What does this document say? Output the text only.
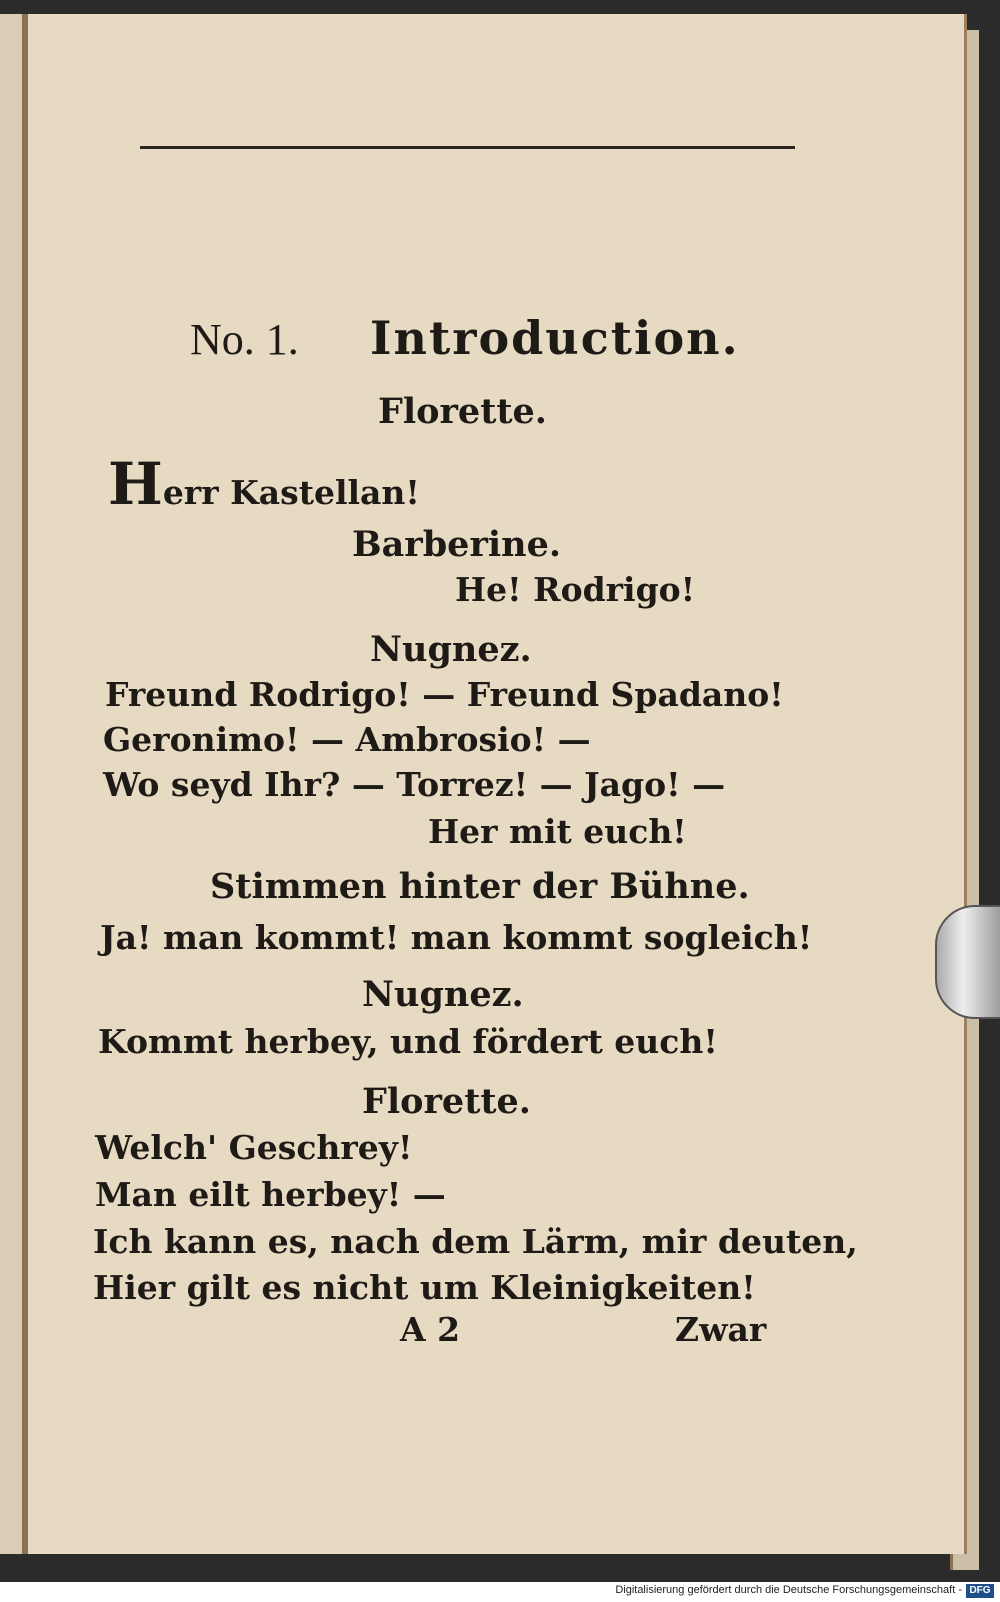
No. 1. Introduction.
Florette.
Herr Kastellan!
Barberine.
He! Rodrigo!
Nugnez.
Freund Rodrigo! — Freund Spadano!
Geronimo! — Ambrosio! —
Wo seyd Ihr? — Torrez! — Jago! —
Her mit euch!
Stimmen hinter der Bühne.
Ja! man kommt! man kommt sogleich!
Nugnez.
Kommt herbey, und fördert euch!
Florette.
Welch' Geschrey!
Man eilt herbey! —
Ich kann es, nach dem Lärm, mir deuten,
Hier gilt es nicht um Kleinigkeiten!
A 2	Zwar
Digitalisierung gefördert durch die Deutsche Forschungsgemeinschaft - DFG
